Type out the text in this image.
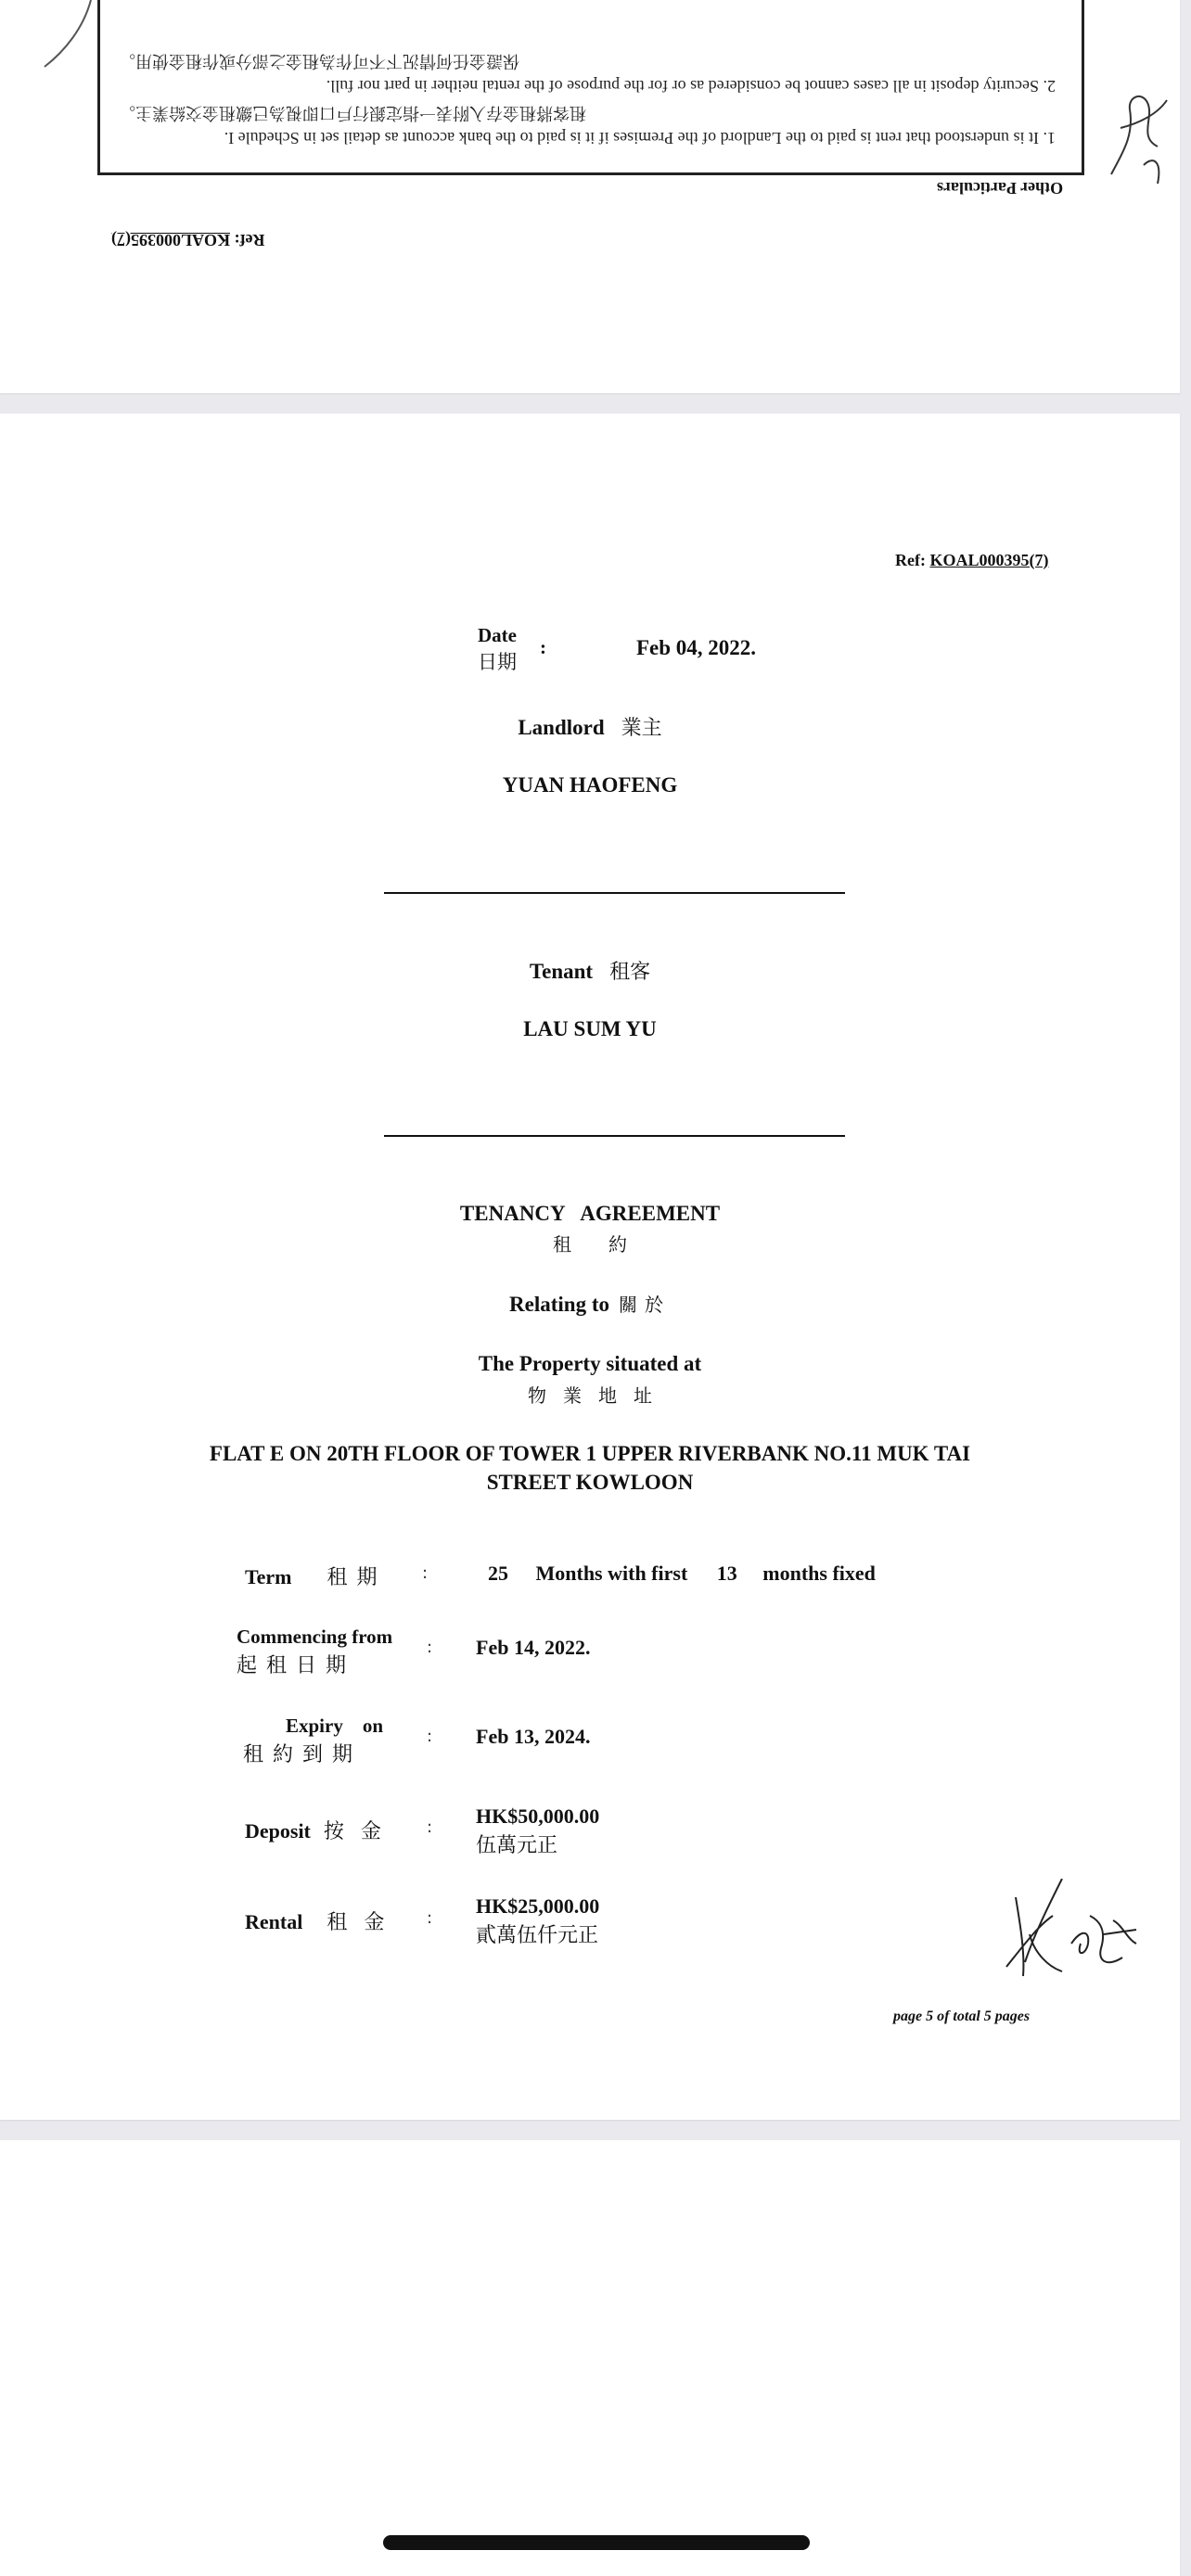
1. It is understood that rent is paid to the Landlord of the Premises if it is paid to the bank account as detail set in Schedule I.
租客將租金存入附表一指定銀行戶口即視為已繳租金交給業主。
2. Security deposit in all cases cannot be considered as or for the purpose of the rental neither in part nor full.
保證金任何情況下不可作為租金之部分或作租金使用。
Other Particulars
Ref: KOAL000395(7)
Ref: KOAL000395(7)
Date
日期
:	Feb 04, 2022.
Landlord 業主
YUAN HAOFENG
Tenant 租客
LAU SUM YU
TENANCY AGREEMENT
租約
Relating to 關於
The Property situated at
物業地址
FLAT E ON 20TH FLOOR OF TOWER 1 UPPER RIVERBANK NO.11 MUK TAI STREET KOWLOON
Term 租期 :	25 Months with first 13 months fixed
Commencing from
起租日期
: Feb 14, 2022.
Expiry    on
租約到期
: Feb 13, 2024.
Deposit 按金 : HK$50,000.00
伍萬元正
Rental 租金 :
HK$25,000.00
貳萬伍仟元正
page 5 of total 5 pages
